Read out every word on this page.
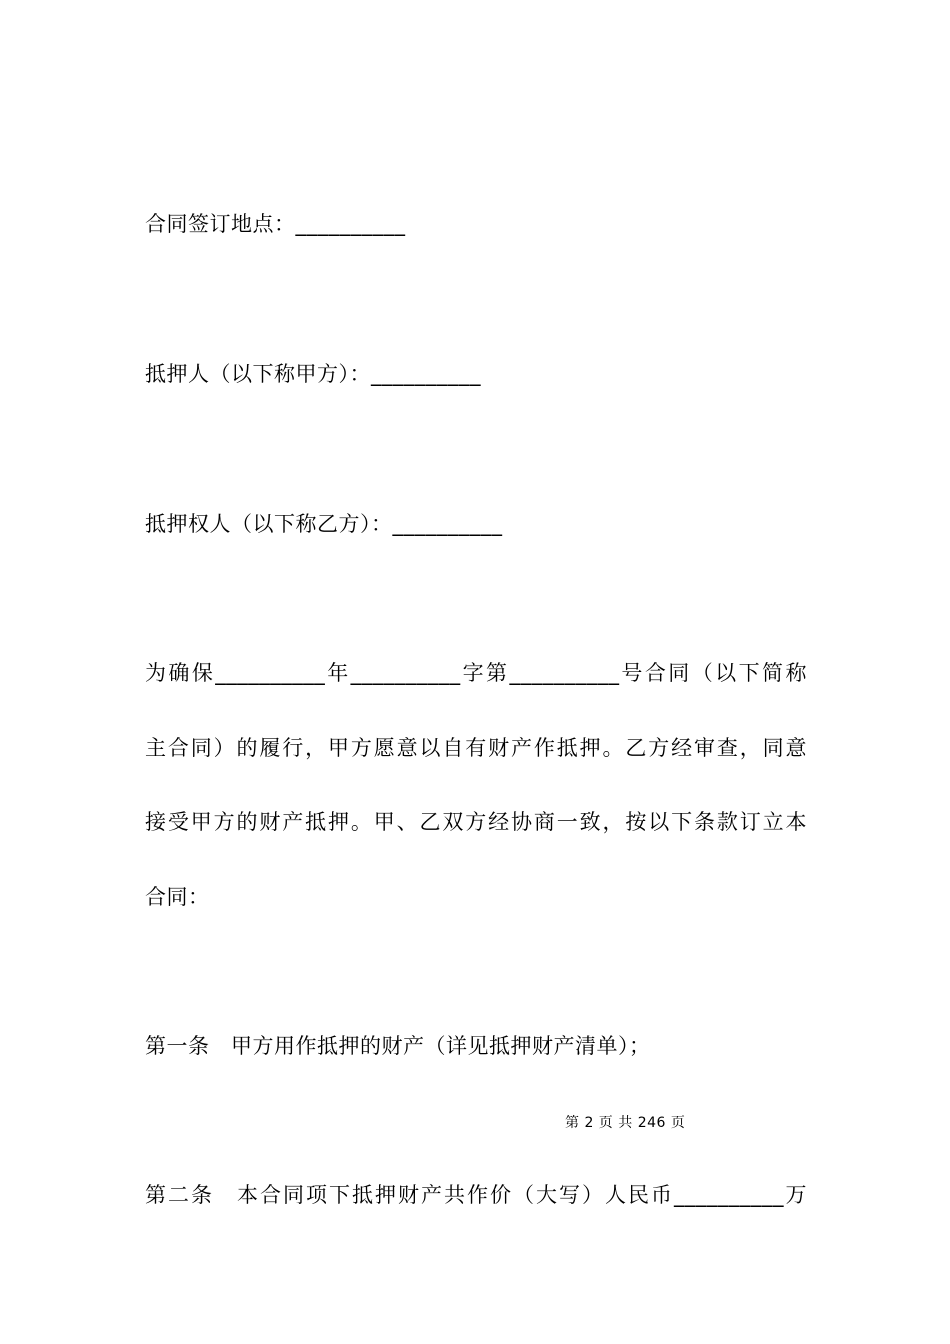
合同签订地点：__________
抵押人（以下称甲方）：__________
抵押权人（以下称乙方）：__________
为确保__________年__________字第__________号合同（以下简称
主合同）的履行，甲方愿意以自有财产作抵押。乙方经审查，同意
接受甲方的财产抵押。甲、乙双方经协商一致，按以下条款订立本
合同：
第一条　甲方用作抵押的财产（详见抵押财产清单）；
第 2 页 共 246 页
第二条　本合同项下抵押财产共作价（大写）人民币__________万
